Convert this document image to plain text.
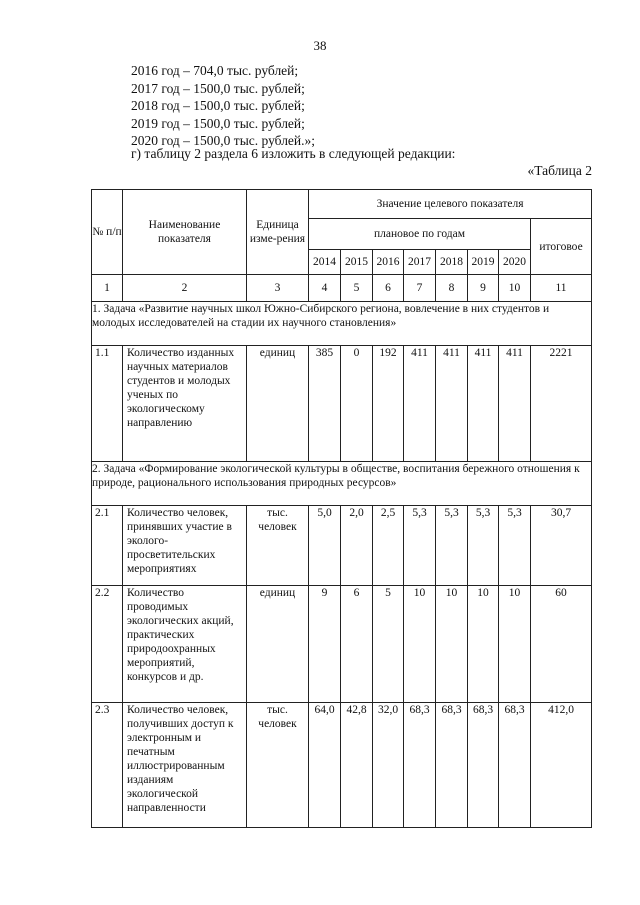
38
2016 год – 704,0 тыс. рублей;
2017 год – 1500,0 тыс. рублей;
2018 год – 1500,0 тыс. рублей;
2019 год – 1500,0 тыс. рублей;
2020 год – 1500,0 тыс. рублей.»;
г) таблицу 2 раздела 6 изложить в следующей редакции:
«Таблица 2
№ п/п	Наименование показателя	Единица изме-рения	Значение целевого показателя							
			плановое по годам							итоговое
			2014	2015	2016	2017	2018	2019	2020	
1	2	3	4	5	6	7	8	9	10	11
1. Задача «Развитие научных школ Южно-Сибирского региона, вовлечение в них студентов и молодых исследователей на стадии их научного становления»										
1.1	Количество изданных научных материалов студентов и молодых ученых по экологическому направлению	единиц	385	0	192	411	411	411	411	2221
2. Задача «Формирование экологической культуры в обществе, воспитания бережного отношения к природе, рационального использования природных ресурсов»										
2.1	Количество человек, принявших участие в эколого-просветительских мероприятиях	тыс. человек	5,0	2,0	2,5	5,3	5,3	5,3	5,3	30,7
2.2	Количество проводимых экологических акций, практических природоохранных мероприятий, конкурсов и др.	единиц	9	6	5	10	10	10	10	60
2.3	Количество человек, получивших доступ к электронным и печатным иллюстрированным изданиям экологической направленности	тыс. человек	64,0	42,8	32,0	68,3	68,3	68,3	68,3	412,0
